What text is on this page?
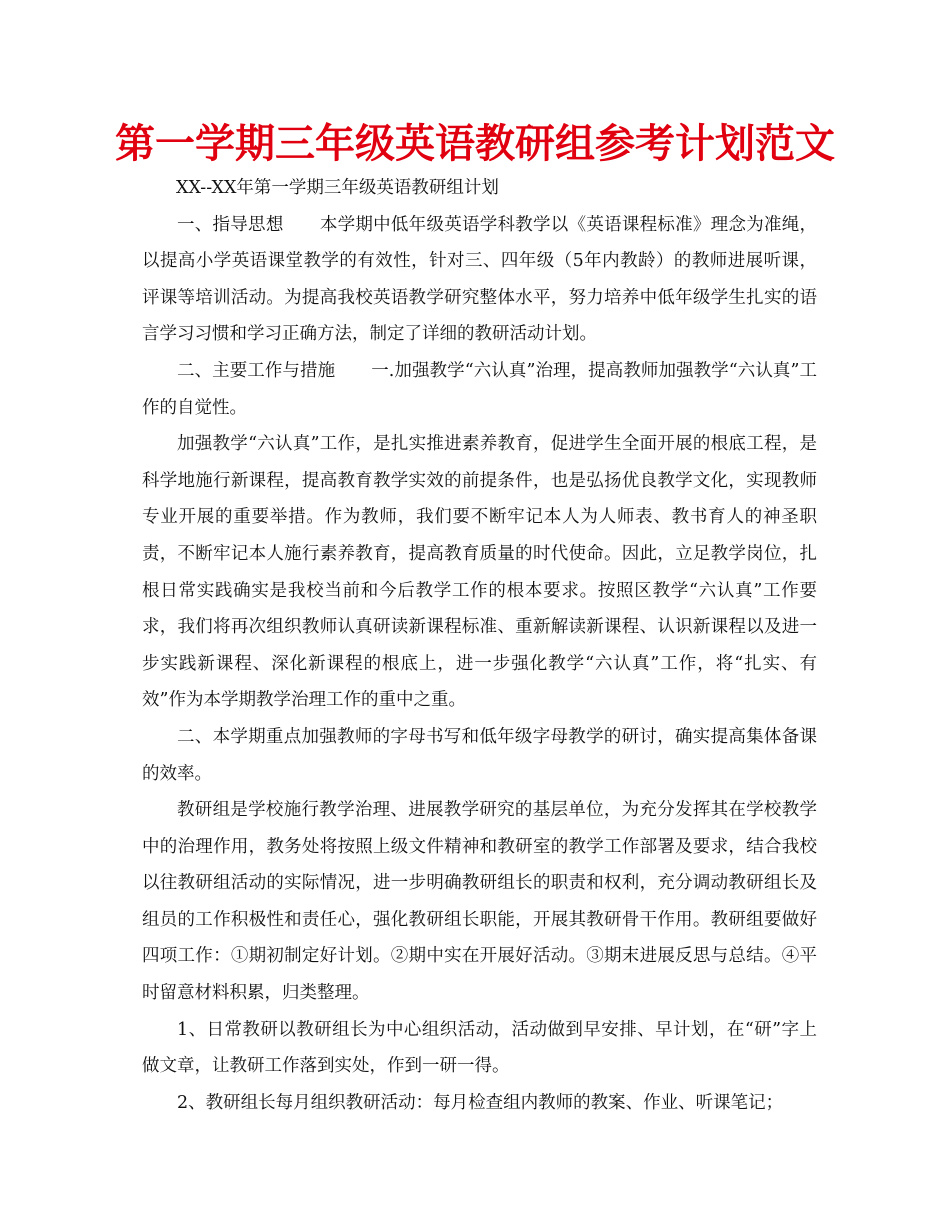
第一学期三年级英语教研组参考计划范文

XX--XX年第一学期三年级英语教研组计划

一、指导思想 本学期中低年级英语学科教学以《英语课程标准》理念为准绳，以提高小学英语课堂教学的有效性，针对三、四年级（5年内教龄）的教师进展听课，评课等培训活动。为提高我校英语教学研究整体水平，努力培养中低年级学生扎实的语言学习习惯和学习正确方法，制定了详细的教研活动计划。

二、主要工作与措施 一.加强教学“六认真”治理，提高教师加强教学“六认真”工作的自觉性。

加强教学“六认真”工作，是扎实推进素养教育，促进学生全面开展的根底工程，是科学地施行新课程，提高教育教学实效的前提条件，也是弘扬优良教学文化，实现教师专业开展的重要举措。作为教师，我们要不断牢记本人为人师表、教书育人的神圣职责，不断牢记本人施行素养教育，提高教育质量的时代使命。因此，立足教学岗位，扎根日常实践确实是我校当前和今后教学工作的根本要求。按照区教学“六认真”工作要求，我们将再次组织教师认真研读新课程标准、重新解读新课程、认识新课程以及进一步实践新课程、深化新课程的根底上，进一步强化教学“六认真”工作，将“扎实、有效”作为本学期教学治理工作的重中之重。

二、本学期重点加强教师的字母书写和低年级字母教学的研讨，确实提高集体备课的效率。

教研组是学校施行教学治理、进展教学研究的基层单位，为充分发挥其在学校教学中的治理作用，教务处将按照上级文件精神和教研室的教学工作部署及要求，结合我校以往教研组活动的实际情况，进一步明确教研组长的职责和权利，充分调动教研组长及组员的工作积极性和责任心，强化教研组长职能，开展其教研骨干作用。教研组要做好四项工作：①期初制定好计划。②期中实在开展好活动。③期末进展反思与总结。④平时留意材料积累，归类整理。

1、日常教研以教研组长为中心组织活动，活动做到早安排、早计划，在“研”字上做文章，让教研工作落到实处，作到一研一得。

2、教研组长每月组织教研活动：每月检查组内教师的教案、作业、听课笔记；
